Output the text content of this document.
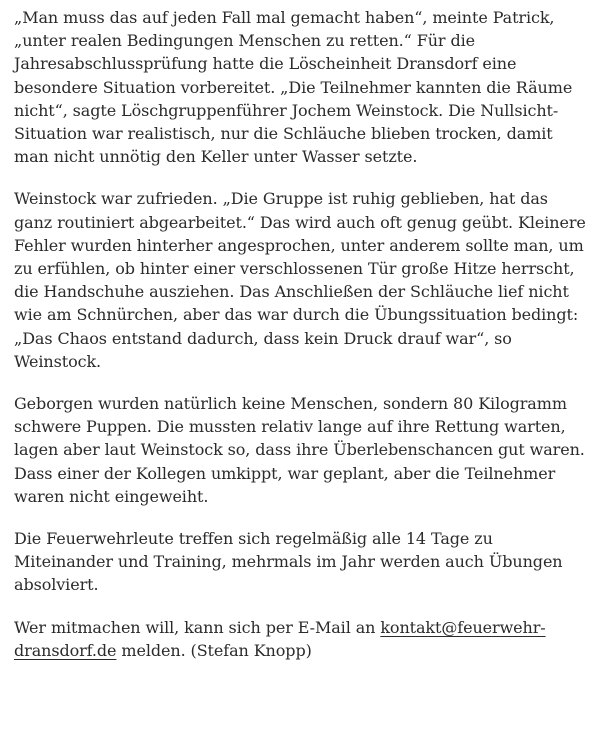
„Man muss das auf jeden Fall mal gemacht haben“, meinte Patrick, „unter realen Bedingungen Menschen zu retten.“ Für die Jahresabschlussprüfung hatte die Löscheinheit Dransdorf eine besondere Situation vorbereitet. „Die Teilnehmer kannten die Räume nicht“, sagte Löschgruppenführer Jochem Weinstock. Die Nullsicht-Situation war realistisch, nur die Schläuche blieben trocken, damit man nicht unnötig den Keller unter Wasser setzte.

Weinstock war zufrieden. „Die Gruppe ist ruhig geblieben, hat das ganz routiniert abgearbeitet.“ Das wird auch oft genug geübt. Kleinere Fehler wurden hinterher angesprochen, unter anderem sollte man, um zu erfühlen, ob hinter einer verschlossenen Tür große Hitze herrscht, die Handschuhe ausziehen. Das Anschließen der Schläuche lief nicht wie am Schnürchen, aber das war durch die Übungssituation bedingt: „Das Chaos entstand dadurch, dass kein Druck drauf war“, so Weinstock.

Geborgen wurden natürlich keine Menschen, sondern 80 Kilogramm schwere Puppen. Die mussten relativ lange auf ihre Rettung warten, lagen aber laut Weinstock so, dass ihre Überlebenschancen gut waren. Dass einer der Kollegen umkippt, war geplant, aber die Teilnehmer waren nicht eingeweiht.

Die Feuerwehrleute treffen sich regelmäßig alle 14 Tage zu Miteinander und Training, mehrmals im Jahr werden auch Übungen absolviert.

Wer mitmachen will, kann sich per E-Mail an kontakt@feuerwehr-dransdorf.de melden. (Stefan Knopp)
